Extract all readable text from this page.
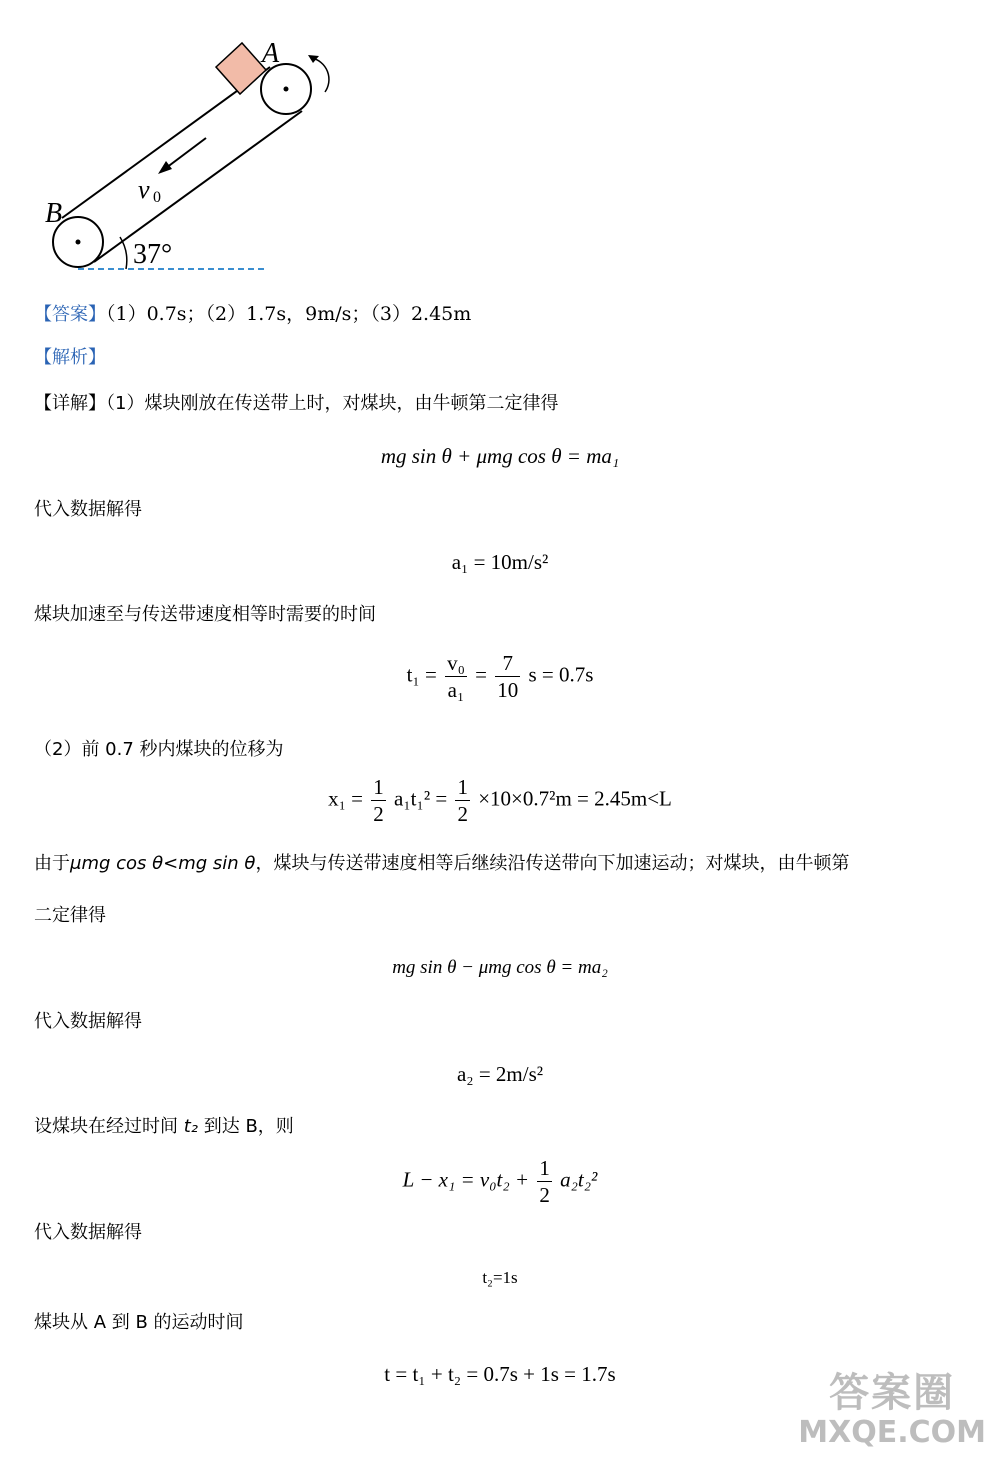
A
B
v 0
37°
【答案】（1）0.7s；（2）1.7s，9m/s；（3）2.45m
【解析】
【详解】（1）煤块刚放在传送带上时，对煤块，由牛顿第二定律得
mg sin θ + μmg cos θ = ma₁
代入数据解得
a₁ = 10m/s²
煤块加速至与传送带速度相等时需要的时间
$t_1 = \frac{\text{v₀}}{\text{a₁}} = \frac{7}{10}$ s = 0.7s
（2）前 0.7 秒内煤块的位移为
$x_1 = \frac{1}{2} a_1t_1^2 = \frac{1}{2} \times 10\times 0.7^2m = 2.45m<L$
由于μmg cos θ<mg sin θ，煤块与传送带速度相等后继续沿传送带向下加速运动；对煤块，由牛顿第
二定律得
mg sin θ − μmg cos θ = ma₂
代入数据解得
a₂ = 2m/s²
设煤块在经过时间 t₂ 到达 B，则
$L - x_1 = v_0t_2 + \frac{1}{2} a_2t_2^2$
代入数据解得
t₂=1s
煤块从 A 到 B 的运动时间
t = t₁ + t₂ = 0.7s + 1s = 1.7s	答案圈
MXQE.COM
